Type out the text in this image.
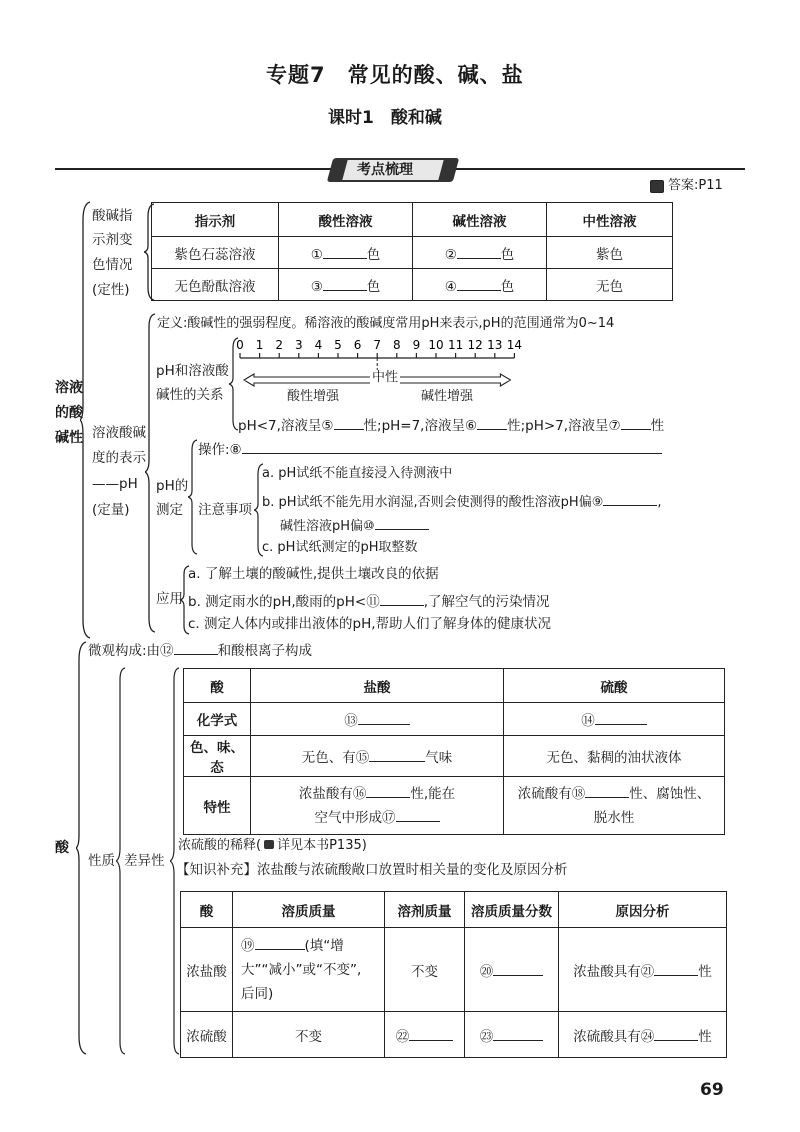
专题7　常见的酸、碱、盐
课时1　酸和碱
考点梳理
答案:P11
溶液
的酸
碱性
酸碱指
示剂变
色情况
(定性)
指示剂	酸性溶液	碱性溶液	中性溶液
紫色石蕊溶液	① 色	② 色	紫色
无色酚酞溶液	③ 色	④ 色	无色
溶液酸碱
度的表示
——pH
(定量)
定义:酸碱性的强弱程度。稀溶液的酸碱度常用pH来表示,pH的范围通常为0~14
pH和溶液酸
碱性的关系
0 1 2 3 4 5 6 7 8 9 10 11 12 13 14
中性
酸性增强	碱性增强
pH<7,溶液呈⑤ 性;pH=7,溶液呈⑥ 性;pH>7,溶液呈⑦ 性
pH的
测定
操作:⑧
注意事项
a. pH试纸不能直接浸入待测液中
b. pH试纸不能先用水润湿,否则会使测得的酸性溶液pH偏⑨	,
碱性溶液pH偏⑩
c. pH试纸测定的pH取整数
应用
a. 了解土壤的酸碱性,提供土壤改良的依据
b. 测定雨水的pH,酸雨的pH<⑪	,了解空气的污染情况
c. 测定人体内或排出液体的pH,帮助人们了解身体的健康状况
酸
微观构成:由⑫	和酸根离子构成
性质 差异性
酸	盐酸	硫酸
化学式	⑬	⑭
色、味、态	无色、有⑮ 气味	无色、黏稠的油状液体
特性	浓盐酸有⑯ 性,能在
空气中形成⑰	浓硫酸有⑱ 性、腐蚀性、
脱水性
浓硫酸的稀释( 详见本书P135)
【知识补充】浓盐酸与浓硫酸敞口放置时相关量的变化及原因分析
酸	溶质质量	溶剂质量	溶质质量分数	原因分析
浓盐酸	⑲ (填“增
大”“减小”或“不变”,
后同)	不变	⑳	浓盐酸具有㉑ 性
浓硫酸	不变	㉒	㉓	浓硫酸具有㉔ 性
69
